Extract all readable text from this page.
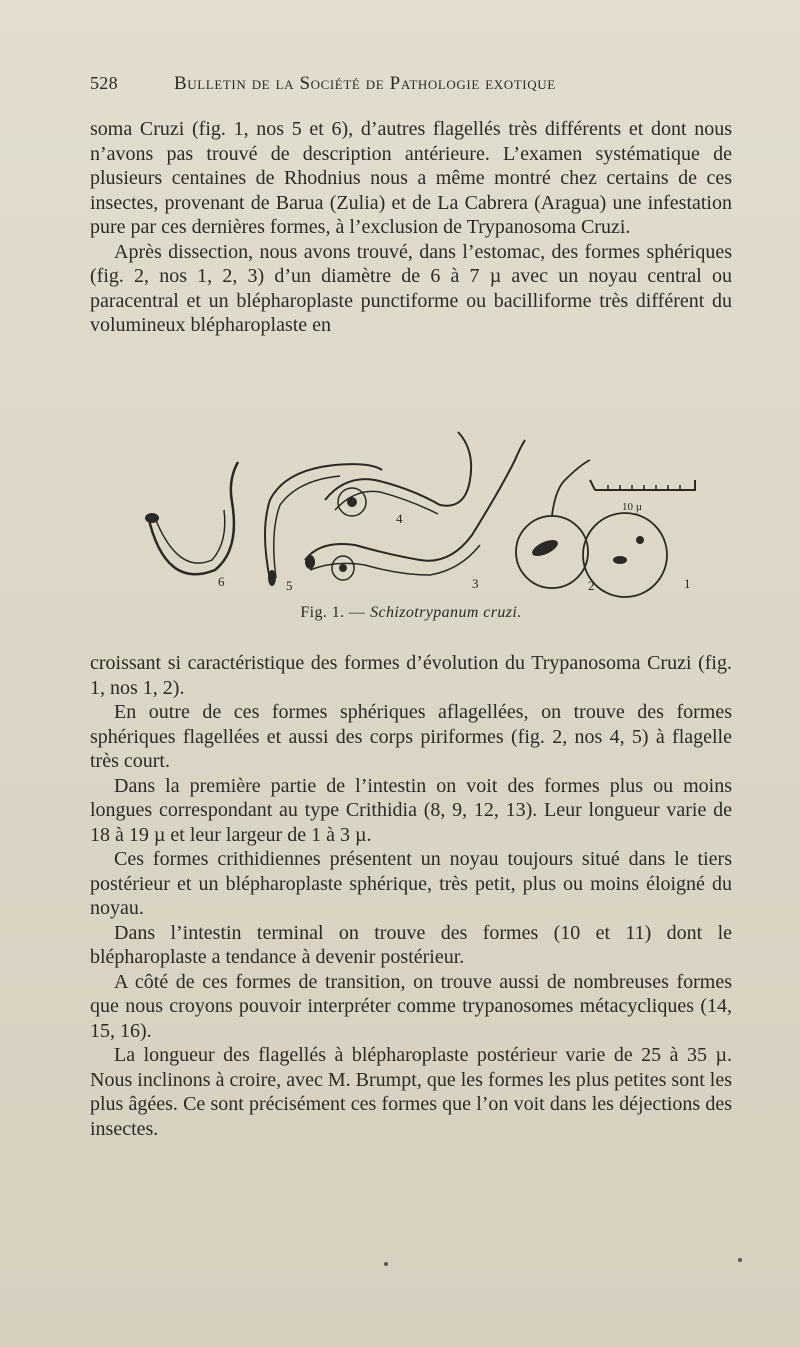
528	Bulletin de la Société de Pathologie exotique

soma Cruzi (fig. 1, nos 5 et 6), d’autres flagellés très différents et dont nous n’avons pas trouvé de description antérieure. L’examen systématique de plusieurs centaines de Rhodnius nous a même montré chez certains de ces insectes, provenant de Barua (Zulia) et de La Cabrera (Aragua) une infestation pure par ces dernières formes, à l’exclusion de Trypanosoma Cruzi.

Après dissection, nous avons trouvé, dans l’estomac, des formes sphériques (fig. 2, nos 1, 2, 3) d’un diamètre de 6 à 7 µ avec un noyau central ou paracentral et un blépharoplaste punctiforme ou bacilliforme très différent du volumineux blépharoplaste en

1
2
3
4
5
6
10 µ
Fig. 1. — Schizotrypanum cruzi.

croissant si caractéristique des formes d’évolution du Trypanosoma Cruzi (fig. 1, nos 1, 2).

En outre de ces formes sphériques aflagellées, on trouve des formes sphériques flagellées et aussi des corps piriformes (fig. 2, nos 4, 5) à flagelle très court.

Dans la première partie de l’intestin on voit des formes plus ou moins longues correspondant au type Crithidia (8, 9, 12, 13). Leur longueur varie de 18 à 19 µ et leur largeur de 1 à 3 µ.

Ces formes crithidiennes présentent un noyau toujours situé dans le tiers postérieur et un blépharoplaste sphérique, très petit, plus ou moins éloigné du noyau.

Dans l’intestin terminal on trouve des formes (10 et 11) dont le blépharoplaste a tendance à devenir postérieur.

A côté de ces formes de transition, on trouve aussi de nombreuses formes que nous croyons pouvoir interpréter comme trypanosomes métacycliques (14, 15, 16).

La longueur des flagellés à blépharoplaste postérieur varie de 25 à 35 µ. Nous inclinons à croire, avec M. Brumpt, que les formes les plus petites sont les plus âgées. Ce sont précisément ces formes que l’on voit dans les déjections des insectes.
